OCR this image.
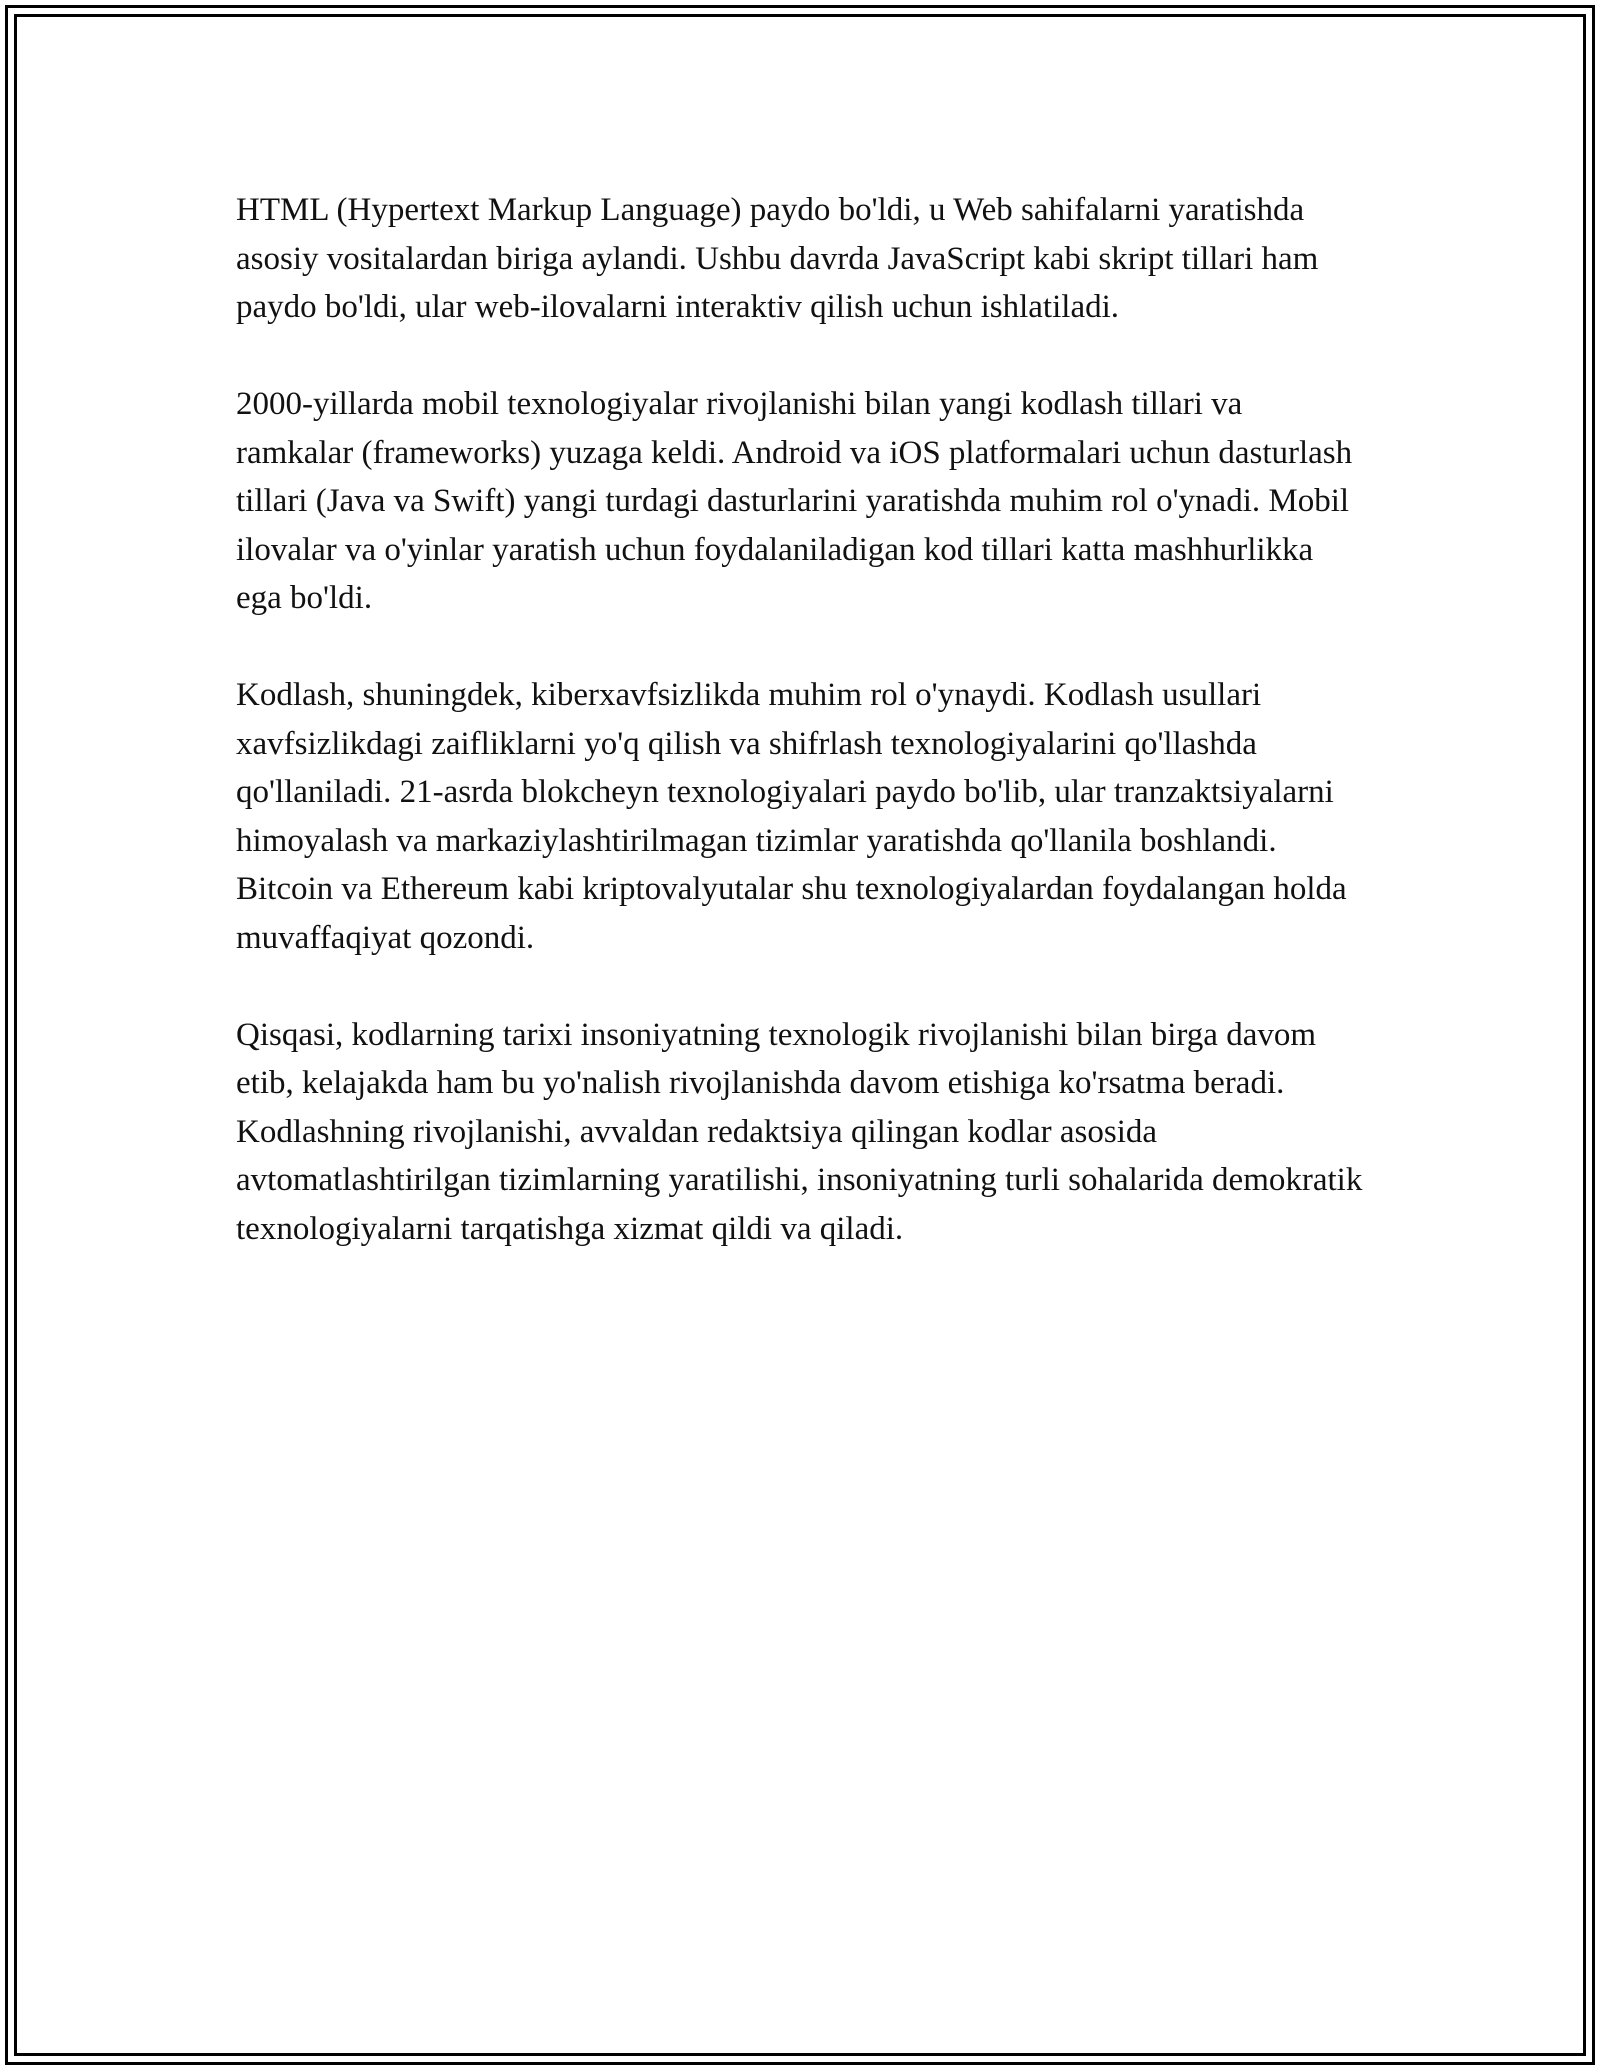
HTML (Hypertext Markup Language) paydo bo'ldi, u Web sahifalarni yaratishda asosiy vositalardan biriga aylandi. Ushbu davrda JavaScript kabi skript tillari ham paydo bo'ldi, ular web-ilovalarni interaktiv qilish uchun ishlatiladi.

2000-yillarda mobil texnologiyalar rivojlanishi bilan yangi kodlash tillari va ramkalar (frameworks) yuzaga keldi. Android va iOS platformalari uchun dasturlash tillari (Java va Swift) yangi turdagi dasturlarini yaratishda muhim rol o'ynadi. Mobil ilovalar va o'yinlar yaratish uchun foydalaniladigan kod tillari katta mashhurlikka ega bo'ldi.

Kodlash, shuningdek, kiberxavfsizlikda muhim rol o'ynaydi. Kodlash usullari xavfsizlikdagi zaifliklarni yo'q qilish va shifrlash texnologiyalarini qo'llashda qo'llaniladi. 21-asrda blokcheyn texnologiyalari paydo bo'lib, ular tranzaktsiyalarni himoyalash va markaziylashtirilmagan tizimlar yaratishda qo'llanila boshlandi. Bitcoin va Ethereum kabi kriptovalyutalar shu texnologiyalardan foydalangan holda muvaffaqiyat qozondi.

Qisqasi, kodlarning tarixi insoniyatning texnologik rivojlanishi bilan birga davom etib, kelajakda ham bu yo'nalish rivojlanishda davom etishiga ko'rsatma beradi. Kodlashning rivojlanishi, avvaldan redaktsiya qilingan kodlar asosida avtomatlashtirilgan tizimlarning yaratilishi, insoniyatning turli sohalarida demokratik texnologiyalarni tarqatishga xizmat qildi va qiladi.
